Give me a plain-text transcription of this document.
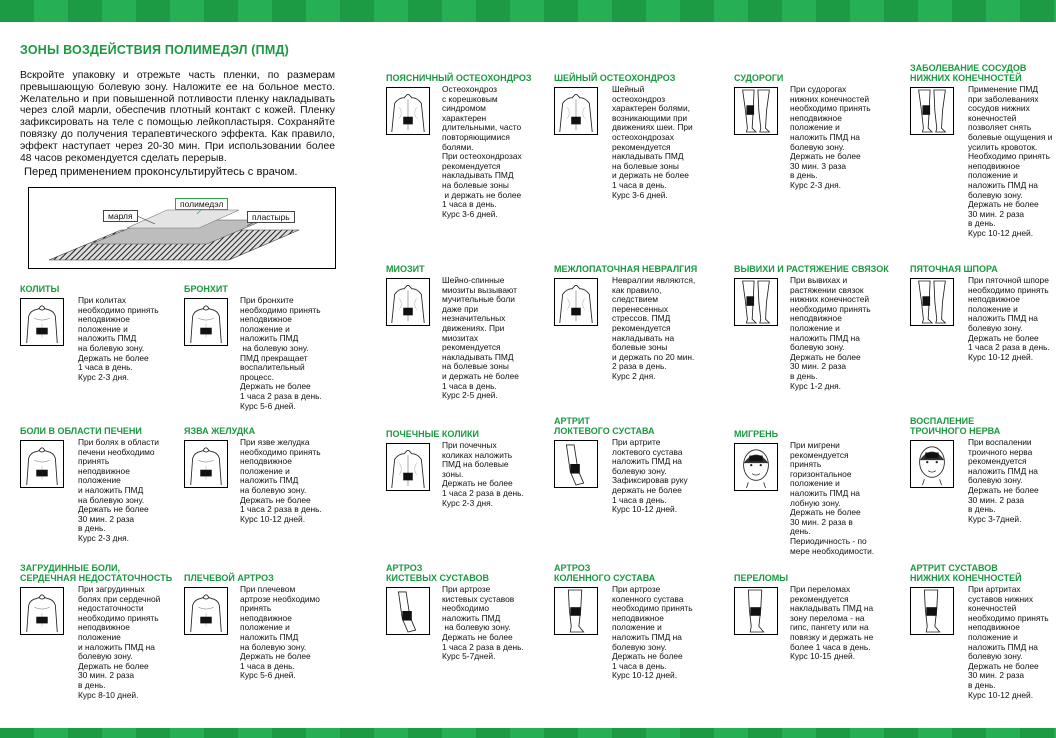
ЗОНЫ ВОЗДЕЙСТВИЯ ПОЛИМЕДЭЛ (ПМД)
Вскройте упаковку и отрежьте часть пленки, по размерам превышающую болевую зону. Наложите ее на больное место. Желательно и при повышенной потливости пленку накладывать через слой марли, обеспечив плотный контакт с кожей. Пленку зафиксировать на теле с помощью лейкопластыря. Сохраняйте повязку до получения терапевтического эффекта. Как правило, эффект наступает через 20-30 мин. При использовании более 48 часов рекомендуется сделать перерыв.
Перед применением проконсультируйтесь с врачом.
марля
полимедэл
пластырь
КОЛИТЫ
При колитах
необходимо принять
неподвижное
положение и
наложить ПМД
на болевую зону.
Держать не более
1 часа в день.
Курс 2-3 дня.
БРОНХИТ
При бронхите
необходимо принять
неподвижное
положение и
наложить ПМД
на болевую зону.
ПМД прекращает
воспалительный
процесс.
Держать не более
1 часа 2 раза в день.
Курс 5-6 дней.
БОЛИ В ОБЛАСТИ ПЕЧЕНИ
При болях в области
печени необходимо
принять
неподвижное
положение
и наложить ПМД
на болевую зону.
Держать не более
30 мин. 2 раза
в день.
Курс 2-3 дня.
ЯЗВА ЖЕЛУДКА
При язве желудка
необходимо принять
неподвижное
положение и
наложить ПМД
на болевую зону.
Держать не более
1 часа 2 раза в день.
Курс 10-12 дней.
ЗАГРУДИННЫЕ БОЛИ,
СЕРДЕЧНАЯ НЕДОСТАТОЧНОСТЬ
При загрудинных
болях при сердечной
недостаточности
необходимо принять
неподвижное
положение
и наложить ПМД на
болевую зону.
Держать не более
30 мин. 2 раза
в день.
Курс 8-10 дней.
ПЛЕЧЕВОЙ АРТРОЗ
При плечевом
артрозе необходимо
принять
неподвижное
положение и
наложить ПМД
на болевую зону.
Держать не более
1 часа в день.
Курс 5-6 дней.
ПОЯСНИЧНЫЙ ОСТЕОХОНДРОЗ
Остеохондроз
с корешковым
синдромом
характерен
длительными, часто
повторяющимися
болями.
При остеохондрозах
рекомендуется
накладывать ПМД
на болевые зоны
и держать не более
1 часа в день.
Курс 3-6 дней.
МИОЗИТ
Шейно-спинные
миозиты вызывают
мучительные боли
даже при
незначительных
движениях. При
миозитах
рекомендуется
накладывать ПМД
на болевые зоны
и держать не более
1 часа в день.
Курс 2-5 дней.
ПОЧЕЧНЫЕ КОЛИКИ
При почечных
коликах наложить
ПМД на болевые
зоны.
Держать не более
1 часа 2 раза в день.
Курс 2-3 дня.
АРТРОЗ
КИСТЕВЫХ СУСТАВОВ
При артрозе
кистевых суставов
необходимо
наложить ПМД
на болевую зону.
Держать не более
1 часа 2 раза в день.
Курс 5-7дней.
ШЕЙНЫЙ ОСТЕОХОНДРОЗ
Шейный
остеохондроз
характерен болями,
возникающими при
движениях шеи. При
остеохондрозах
рекомендуется
накладывать ПМД
на болевые зоны
и держать не более
1 часа в день.
Курс 3-6 дней.
МЕЖЛОПАТОЧНАЯ НЕВРАЛГИЯ
Невралгии являются,
как правило,
следствием
перенесенных
стрессов. ПМД
рекомендуется
накладывать на
болевые зоны
и держать по 20 мин.
2 раза в день.
Курс 2 дня.
АРТРИТ
ЛОКТЕВОГО СУСТАВА
При артрите
локтевого сустава
наложить ПМД на
болевую зону.
Зафиксировав руку
держать не более
1 часа в день.
Курс 10-12 дней.
АРТРОЗ
КОЛЕННОГО СУСТАВА
При артрозе
коленного сустава
необходимо принять
неподвижное
положение и
наложить ПМД на
болевую зону.
Держать не более
1 часа в день.
Курс 10-12 дней.
СУДОРОГИ
При судорогах
нижних конечностей
необходимо принять
неподвижное
положение и
наложить ПМД на
болевую зону.
Держать не более
30 мин. 3 раза
в день.
Курс 2-3 дня.
ВЫВИХИ И РАСТЯЖЕНИЕ СВЯЗОК
При вывихах и
растяжении связок
нижних конечностей
необходимо принять
неподвижное
положение и
наложить ПМД на
болевую зону.
Держать не более
30 мин. 2 раза
в день.
Курс 1-2 дня.
МИГРЕНЬ
При мигрени
рекомендуется
принять
горизонтальное
положение и
наложить ПМД на
лобную зону.
Держать не более
30 мин. 2 раза в
день.
Периодичность - по
мере необходимости.
ПЕРЕЛОМЫ
При переломах
рекомендуется
накладывать ПМД на
зону перелома - на
гипс, пангету или на
повязку и держать не
более 1 часа в день.
Курс 10-15 дней.
ЗАБОЛЕВАНИЕ СОСУДОВ
НИЖНИХ КОНЕЧНОСТЕЙ
Применение ПМД
при заболеваниях
сосудов нижних
конечностей
позволяет снять
болевые ощущения и
усилить кровоток.
Необходимо принять
неподвижное
положение и
наложить ПМД на
болевую зону.
Держать не более
30 мин. 2 раза
в день.
Курс 10-12 дней.
ПЯТОЧНАЯ ШПОРА
При пяточной шпоре
необходимо принять
неподвижное
положение и
наложить ПМД на
болевую зону.
Держать не более
1 часа 2 раза в день.
Курс 10-12 дней.
ВОСПАЛЕНИЕ
ТРОИЧНОГО НЕРВА
При воспалении
троичного нерва
рекомендуется
наложить ПМД на
болевую зону.
Держать не более
30 мин. 2 раза
в день.
Курс 3-7дней.
АРТРИТ СУСТАВОВ
НИЖНИХ КОНЕЧНОСТЕЙ
При артритах
суставов нижних
конечностей
необходимо принять
неподвижное
положение и
наложить ПМД на
болевую зону.
Держать не более
30 мин. 2 раза
в день.
Курс 10-12 дней.
